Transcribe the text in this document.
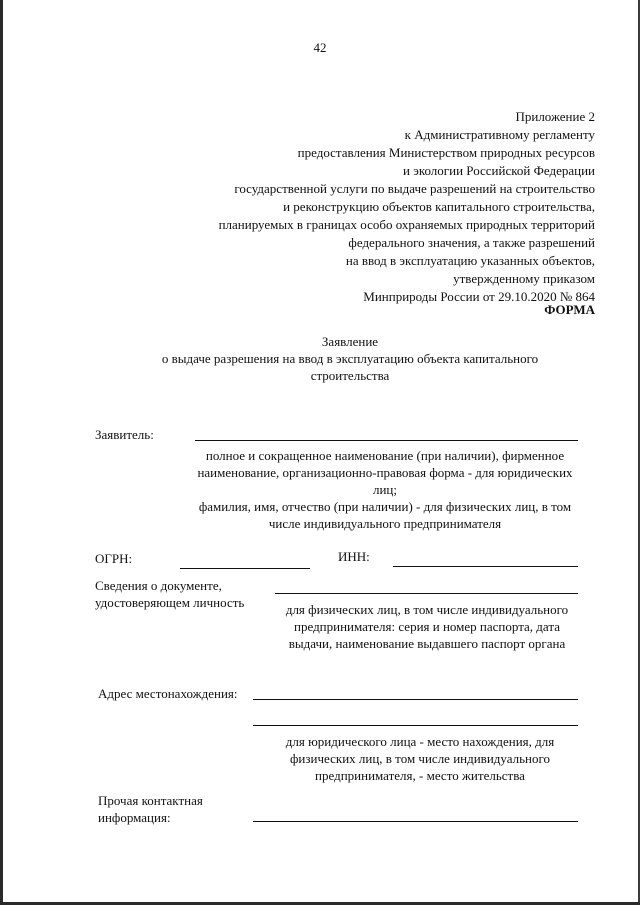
42
Приложение 2
к Административному регламенту
предоставления Министерством природных ресурсов
и экологии Российской Федерации
государственной услуги по выдаче разрешений на строительство
и реконструкцию объектов капитального строительства,
планируемых в границах особо охраняемых природных территорий
федерального значения, а также разрешений
на ввод в эксплуатацию указанных объектов,
утвержденному приказом
Минприроды России от 29.10.2020 № 864
ФОРМА
Заявление
о выдаче разрешения на ввод в эксплуатацию объекта капитального
строительства
Заявитель:
полное и сокращенное наименование (при наличии), фирменное
наименование, организационно-правовая форма - для юридических
лиц;
фамилия, имя, отчество (при наличии) - для физических лиц, в том
числе индивидуального предпринимателя
ОГРН:	ИНН:
Сведения о документе,
удостоверяющем личность	для физических лиц, в том числе индивидуального
предпринимателя: серия и номер паспорта, дата
выдачи, наименование выдавшего паспорт органа
Адрес местонахождения:
для юридического лица - место нахождения, для
физических лиц, в том числе индивидуального
предпринимателя, - место жительства
Прочая контактная
информация:
